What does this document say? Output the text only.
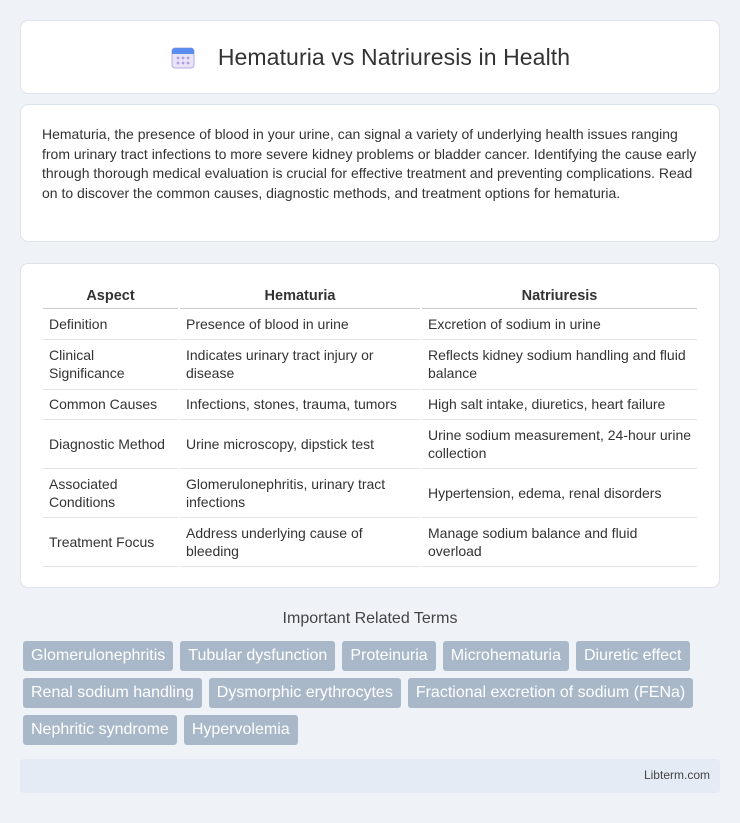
Hematuria vs Natriuresis in Health

Hematuria, the presence of blood in your urine, can signal a variety of underlying health issues ranging from urinary tract infections to more severe kidney problems or bladder cancer. Identifying the cause early through thorough medical evaluation is crucial for effective treatment and preventing complications. Read on to discover the common causes, diagnostic methods, and treatment options for hematuria.

Aspect	Hematuria	Natriuresis
Definition	Presence of blood in urine	Excretion of sodium in urine
Clinical Significance	Indicates urinary tract injury or disease	Reflects kidney sodium handling and fluid balance
Common Causes	Infections, stones, trauma, tumors	High salt intake, diuretics, heart failure
Diagnostic Method	Urine microscopy, dipstick test	Urine sodium measurement, 24-hour urine collection
Associated Conditions	Glomerulonephritis, urinary tract infections	Hypertension, edema, renal disorders
Treatment Focus	Address underlying cause of bleeding	Manage sodium balance and fluid overload
Important Related Terms
Glomerulonephritis	Tubular dysfunction	Proteinuria	Microhematuria	Diuretic effect
Renal sodium handling	Dysmorphic erythrocytes	Fractional excretion of sodium (FENa)
Nephritic syndrome	Hypervolemia
Libterm.com
